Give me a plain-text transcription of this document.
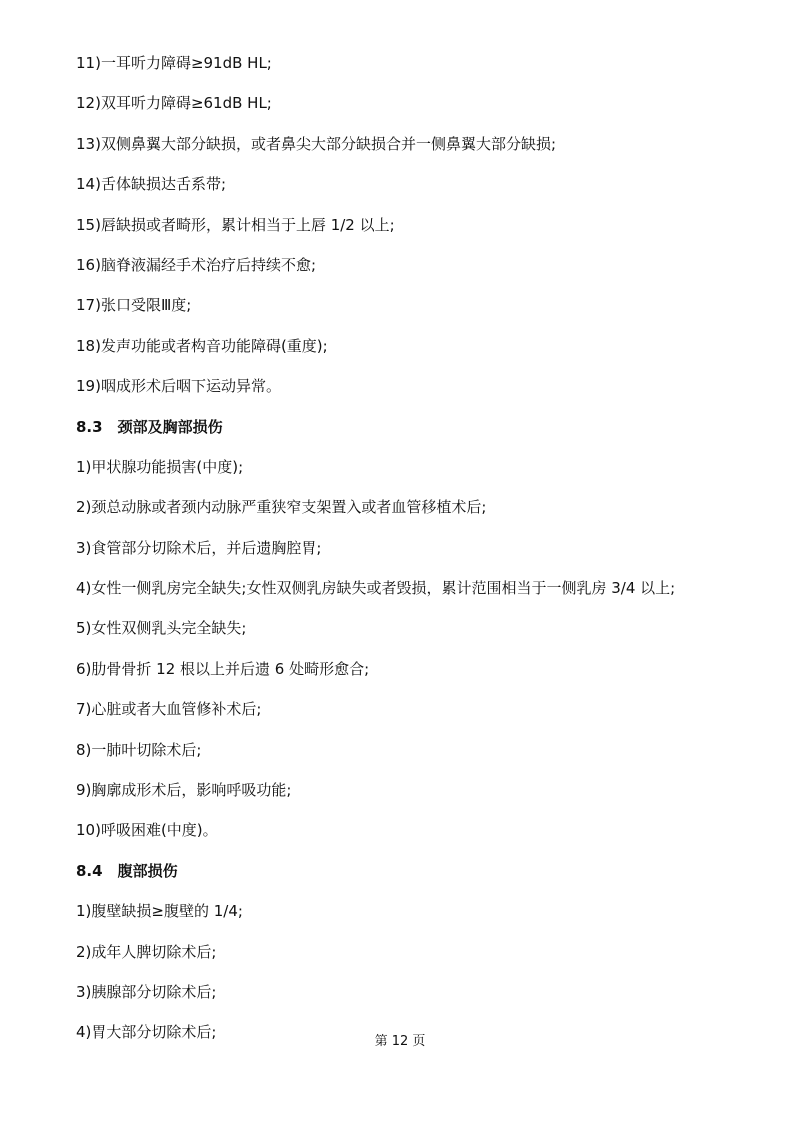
11)一耳听力障碍≥91dB HL;
12)双耳听力障碍≥61dB HL;
13)双侧鼻翼大部分缺损，或者鼻尖大部分缺损合并一侧鼻翼大部分缺损;
14)舌体缺损达舌系带;
15)唇缺损或者畸形，累计相当于上唇 1/2 以上;
16)脑脊液漏经手术治疗后持续不愈;
17)张口受限Ⅲ度;
18)发声功能或者构音功能障碍(重度);
19)咽成形术后咽下运动异常。
8.3　颈部及胸部损伤
1)甲状腺功能损害(中度);
2)颈总动脉或者颈内动脉严重狭窄支架置入或者血管移植术后;
3)食管部分切除术后，并后遗胸腔胃;
4)女性一侧乳房完全缺失;女性双侧乳房缺失或者毁损，累计范围相当于一侧乳房 3/4 以上;
5)女性双侧乳头完全缺失;
6)肋骨骨折 12 根以上并后遗 6 处畸形愈合;
7)心脏或者大血管修补术后;
8)一肺叶切除术后;
9)胸廓成形术后，影响呼吸功能;
10)呼吸困难(中度)。
8.4　腹部损伤
1)腹壁缺损≥腹壁的 1/4;
2)成年人脾切除术后;
3)胰腺部分切除术后;
4)胃大部分切除术后;
第 12 页
